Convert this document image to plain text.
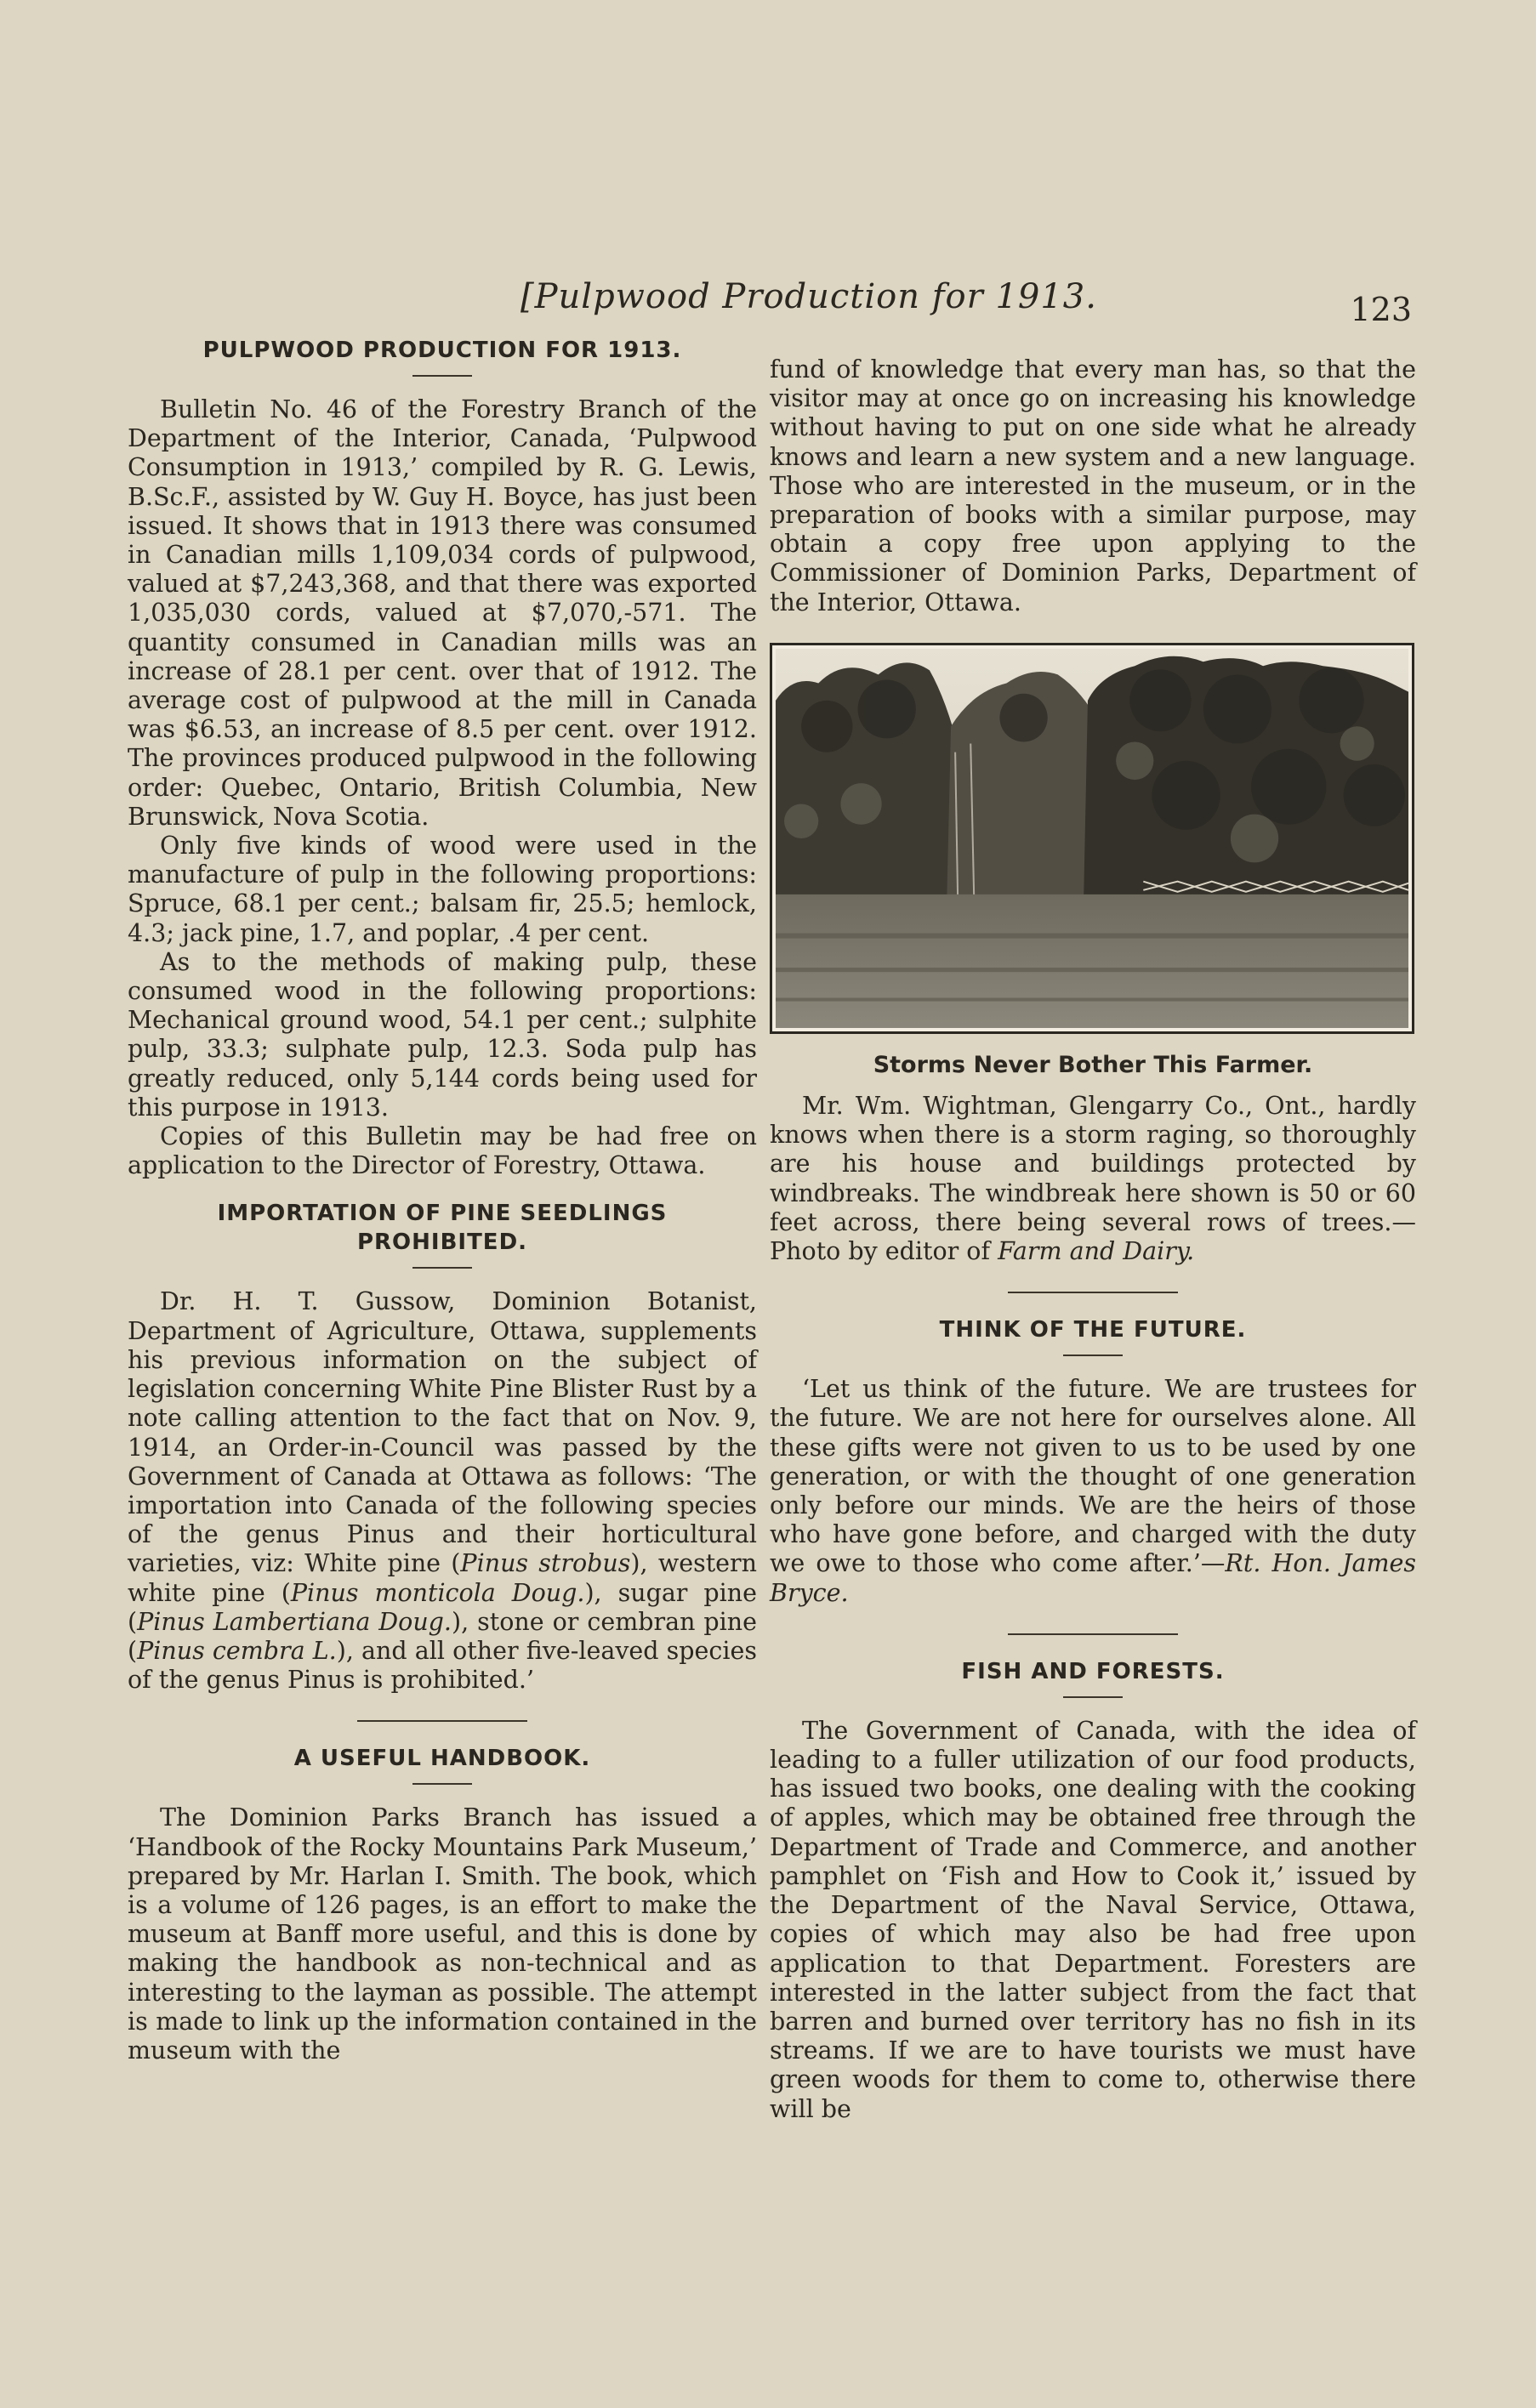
[Pulpwood Production for 1913.	123
PULPWOOD PRODUCTION FOR 1913.

Bulletin No. 46 of the Forestry Branch of the Department of the Interior, Canada, ‘Pulpwood Consumption in 1913,’ compiled by R. G. Lewis, B.Sc.F., assisted by W. Guy H. Boyce, has just been issued. It shows that in 1913 there was consumed in Canadian mills 1,109,034 cords of pulpwood, valued at $7,243,368, and that there was exported 1,035,030 cords, valued at $7,070,-571. The quantity consumed in Canadian mills was an increase of 28.1 per cent. over that of 1912. The average cost of pulpwood at the mill in Canada was $6.53, an increase of 8.5 per cent. over 1912. The provinces produced pulpwood in the following order: Quebec, Ontario, British Columbia, New Brunswick, Nova Scotia.

Only five kinds of wood were used in the manufacture of pulp in the following proportions: Spruce, 68.1 per cent.; balsam fir, 25.5; hemlock, 4.3; jack pine, 1.7, and poplar, .4 per cent.

As to the methods of making pulp, these consumed wood in the following proportions: Mechanical ground wood, 54.1 per cent.; sulphite pulp, 33.3; sulphate pulp, 12.3. Soda pulp has greatly reduced, only 5,144 cords being used for this purpose in 1913.

Copies of this Bulletin may be had free on application to the Director of Forestry, Ottawa.

IMPORTATION OF PINE SEEDLINGS
PROHIBITED.

Dr. H. T. Gussow, Dominion Botanist, Department of Agriculture, Ottawa, supplements his previous information on the subject of legislation concerning White Pine Blister Rust by a note calling attention to the fact that on Nov. 9, 1914, an Order-in-Council was passed by the Government of Canada at Ottawa as follows: ‘The importation into Canada of the following species of the genus Pinus and their horticultural varieties, viz: White pine (Pinus strobus), western white pine (Pinus monticola Doug.), sugar pine (Pinus Lambertiana Doug.), stone or cembran pine (Pinus cembra L.), and all other five-leaved species of the genus Pinus is prohibited.’

A USEFUL HANDBOOK.

The Dominion Parks Branch has issued a ‘Handbook of the Rocky Mountains Park Museum,’ prepared by Mr. Harlan I. Smith. The book, which is a volume of 126 pages, is an effort to make the museum at Banff more useful, and this is done by making the handbook as non-technical and as interesting to the layman as possible. The attempt is made to link up the information contained in the museum with the

fund of knowledge that every man has, so that the visitor may at once go on increasing his knowledge without having to put on one side what he already knows and learn a new system and a new language. Those who are interested in the museum, or in the preparation of books with a similar purpose, may obtain a copy free upon applying to the Commissioner of Dominion Parks, Department of the Interior, Ottawa.

Storms Never Bother This Farmer.

Mr. Wm. Wightman, Glengarry Co., Ont., hardly knows when there is a storm raging, so thoroughly are his house and buildings protected by windbreaks. The windbreak here shown is 50 or 60 feet across, there being several rows of trees.—Photo by editor of Farm and Dairy.

THINK OF THE FUTURE.

‘Let us think of the future. We are trustees for the future. We are not here for ourselves alone. All these gifts were not given to us to be used by one generation, or with the thought of one generation only before our minds. We are the heirs of those who have gone before, and charged with the duty we owe to those who come after.’—Rt. Hon. James Bryce.

FISH AND FORESTS.

The Government of Canada, with the idea of leading to a fuller utilization of our food products, has issued two books, one dealing with the cooking of apples, which may be obtained free through the Department of Trade and Commerce, and another pamphlet on ‘Fish and How to Cook it,’ issued by the Department of the Naval Service, Ottawa, copies of which may also be had free upon application to that Department. Foresters are interested in the latter subject from the fact that barren and burned over territory has no fish in its streams. If we are to have tourists we must have green woods for them to come to, otherwise there will be
